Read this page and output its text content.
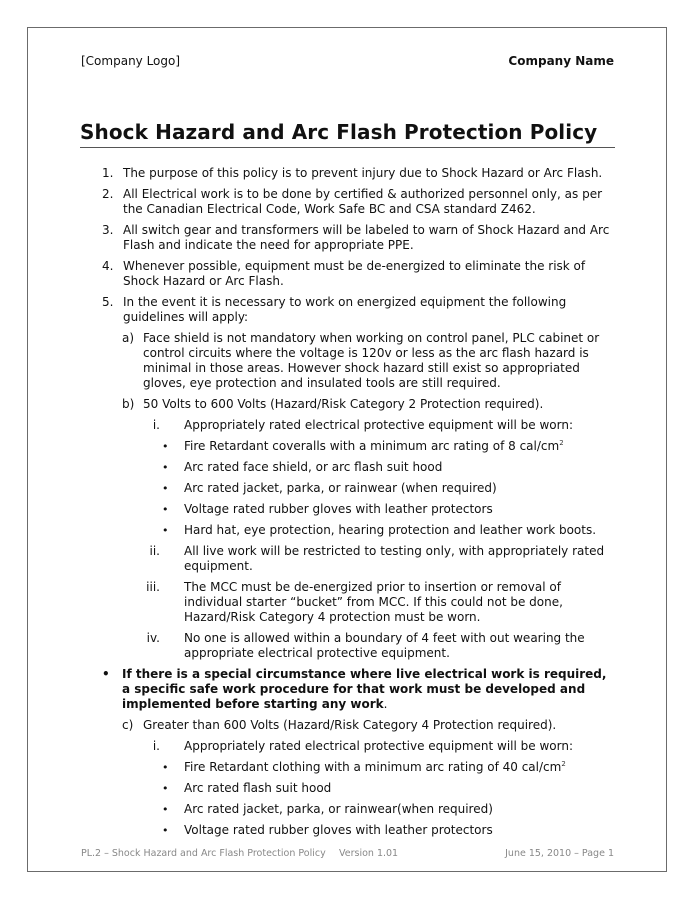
[Company Logo]	Company Name
Shock Hazard and Arc Flash Protection Policy
1. The purpose of this policy is to prevent injury due to Shock Hazard or Arc Flash.
2. All Electrical work is to be done by certified & authorized personnel only, as per the Canadian Electrical Code, Work Safe BC and CSA standard Z462.
3. All switch gear and transformers will be labeled to warn of Shock Hazard and Arc Flash and indicate the need for appropriate PPE.
4. Whenever possible, equipment must be de-energized to eliminate the risk of Shock Hazard or Arc Flash.
5. In the event it is necessary to work on energized equipment the following guidelines will apply:
a) Face shield is not mandatory when working on control panel, PLC cabinet or control circuits where the voltage is 120v or less as the arc flash hazard is minimal in those areas. However shock hazard still exist so appropriated gloves, eye protection and insulated tools are still required.
b) 50 Volts to 600 Volts (Hazard/Risk Category 2 Protection required).
i. Appropriately rated electrical protective equipment will be worn:
• Fire Retardant coveralls with a minimum arc rating of 8 cal/$cm^2$
• Arc rated face shield, or arc flash suit hood
• Arc rated jacket, parka, or rainwear (when required)
• Voltage rated rubber gloves with leather protectors
• Hard hat, eye protection, hearing protection and leather work boots.
ii. All live work will be restricted to testing only, with appropriately rated equipment.
iii. The MCC must be de-energized prior to insertion or removal of individual starter “bucket” from MCC. If this could not be done, Hazard/Risk Category 4 protection must be worn.
iv. No one is allowed within a boundary of 4 feet with out wearing the appropriate electrical protective equipment.
• If there is a special circumstance where live electrical work is required, a specific safe work procedure for that work must be developed and implemented before starting any work.
c) Greater than 600 Volts (Hazard/Risk Category 4 Protection required).
i. Appropriately rated electrical protective equipment will be worn:
• Fire Retardant clothing with a minimum arc rating of 40 cal/$cm^2$
• Arc rated flash suit hood
• Arc rated jacket, parka, or rainwear(when required)
• Voltage rated rubber gloves with leather protectors
PL.2 – Shock Hazard and Arc Flash Protection Policy Version 1.01	June 15, 2010 – Page 1
